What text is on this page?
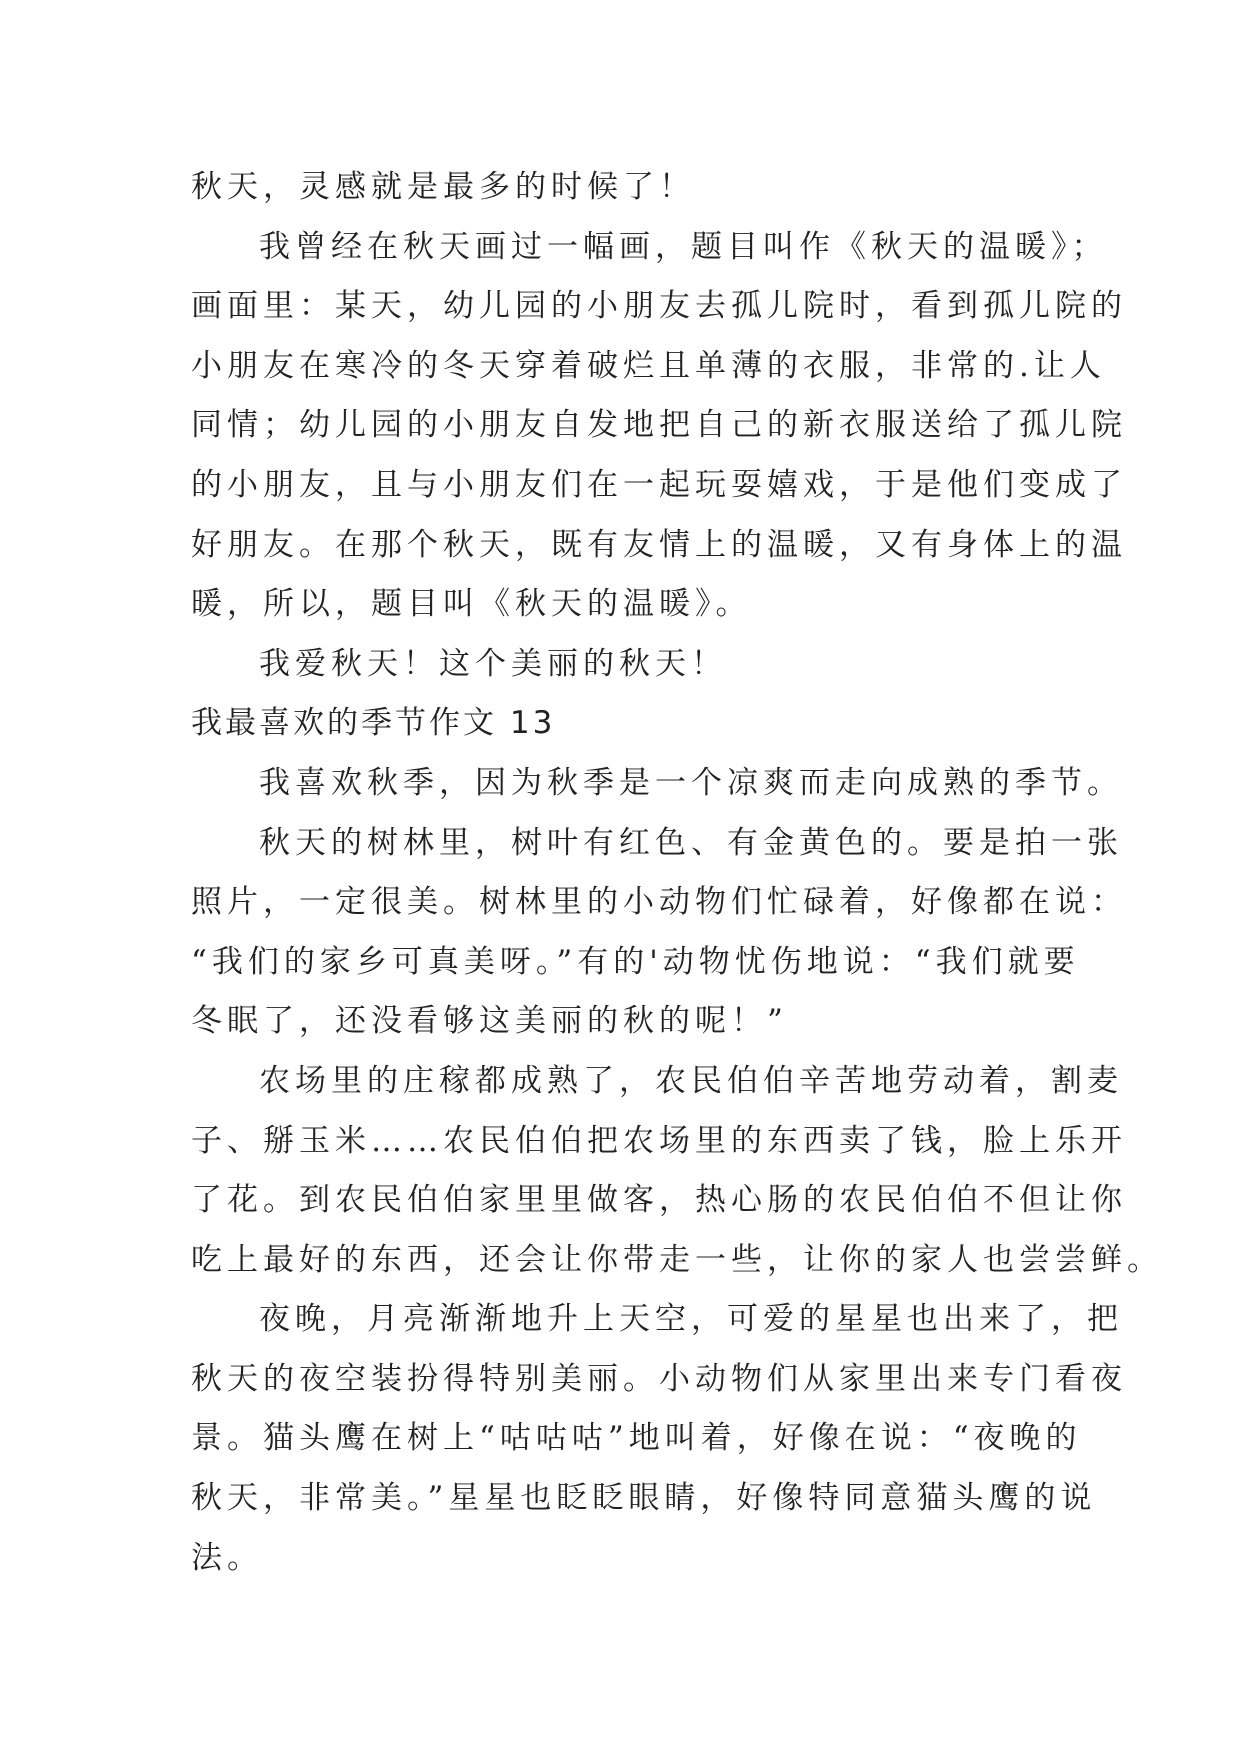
秋天，灵感就是最多的时候了！
我曾经在秋天画过一幅画，题目叫作《秋天的温暖》；
画面里：某天，幼儿园的小朋友去孤儿院时，看到孤儿院的
小朋友在寒冷的冬天穿着破烂且单薄的衣服，非常的.让人
同情；幼儿园的小朋友自发地把自己的新衣服送给了孤儿院
的小朋友，且与小朋友们在一起玩耍嬉戏，于是他们变成了
好朋友。在那个秋天，既有友情上的温暖，又有身体上的温
暖，所以，题目叫《秋天的温暖》。
我爱秋天！这个美丽的秋天！
我最喜欢的季节作文 13
我喜欢秋季，因为秋季是一个凉爽而走向成熟的季节。
秋天的树林里，树叶有红色、有金黄色的。要是拍一张
照片，一定很美。树林里的小动物们忙碌着，好像都在说：
“我们的家乡可真美呀。”有的'动物忧伤地说：“我们就要
冬眠了，还没看够这美丽的秋的呢！”
农场里的庄稼都成熟了，农民伯伯辛苦地劳动着，割麦
子、掰玉米……农民伯伯把农场里的东西卖了钱，脸上乐开
了花。到农民伯伯家里里做客，热心肠的农民伯伯不但让你
吃上最好的东西，还会让你带走一些，让你的家人也尝尝鲜。
夜晚，月亮渐渐地升上天空，可爱的星星也出来了，把
秋天的夜空装扮得特别美丽。小动物们从家里出来专门看夜
景。猫头鹰在树上“咕咕咕”地叫着，好像在说：“夜晚的
秋天，非常美。”星星也眨眨眼睛，好像特同意猫头鹰的说
法。
